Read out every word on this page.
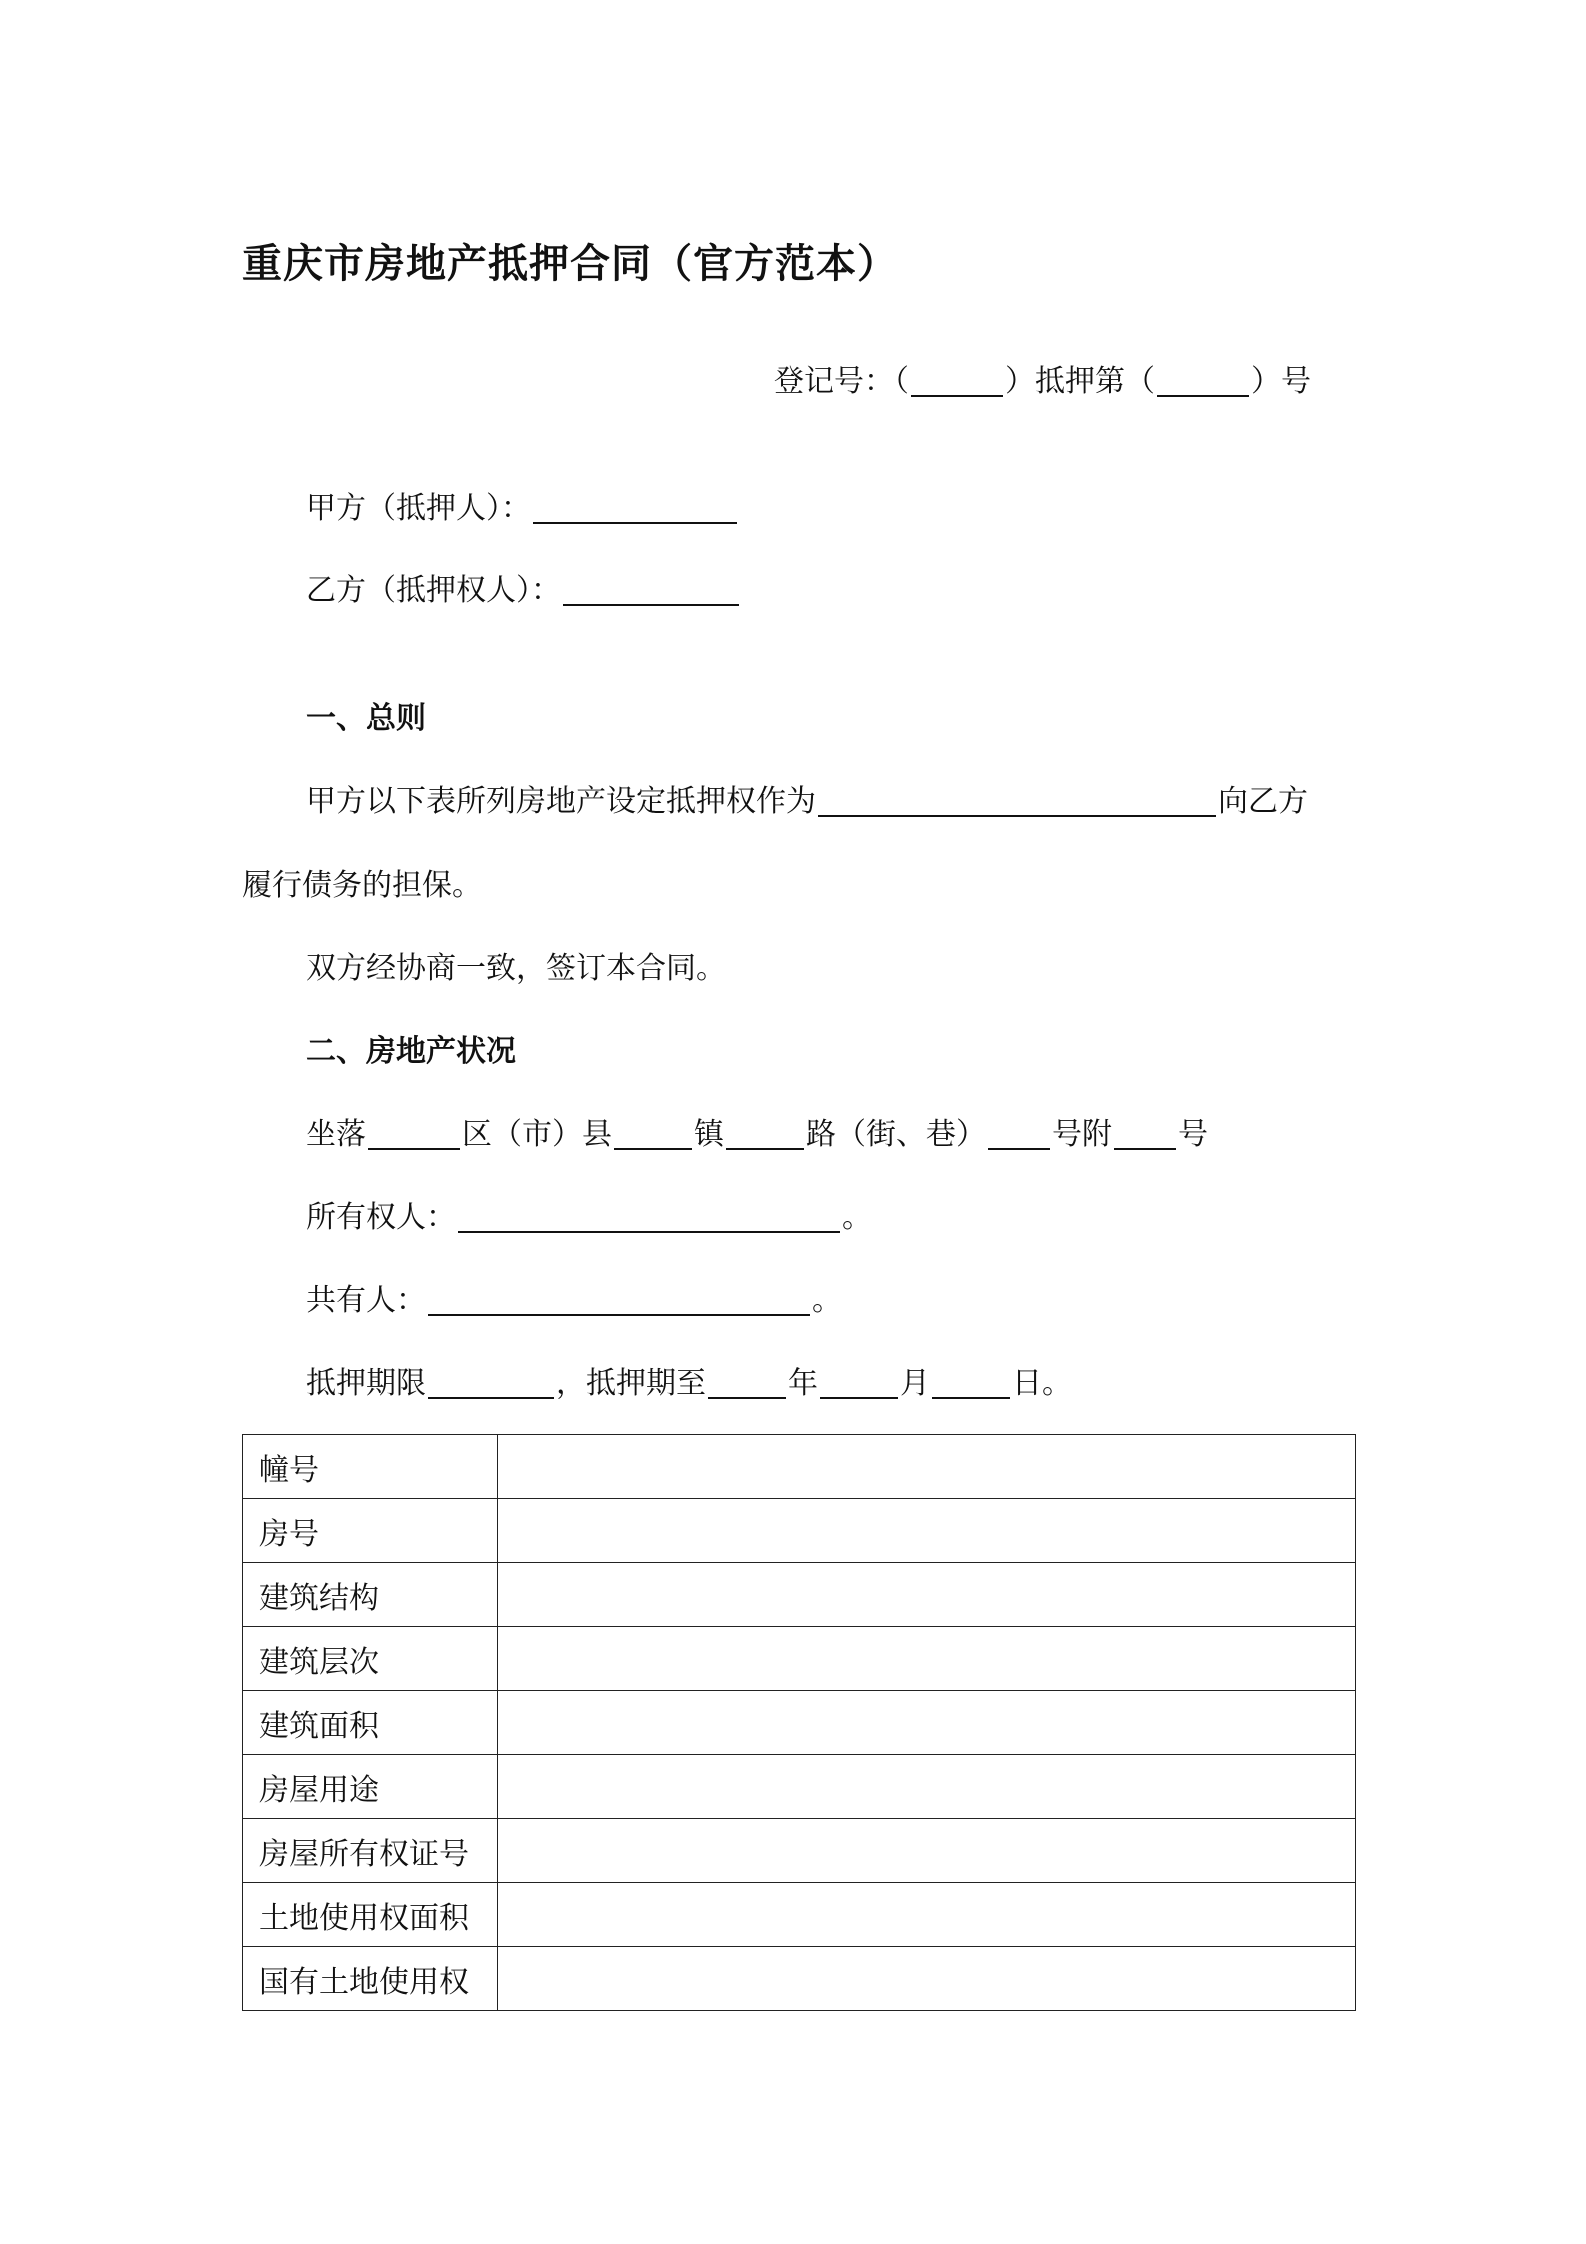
重庆市房地产抵押合同（官方范本）
登记号：（	）抵押第（	）号
甲方（抵押人）：
乙方（抵押权人）：
一、总则
甲方以下表所列房地产设定抵押权作为	向乙方
履行债务的担保。
双方经协商一致，签订本合同。
二、房地产状况
坐落	区（市）县	镇	路（街、巷） 号附 号
所有权人：	。
共有人：	。
抵押期限	，抵押期至	年	月	日。
幢号	
房号	
建筑结构	
建筑层次	
建筑面积	
房屋用途	
房屋所有权证号	
土地使用权面积	
国有土地使用权	
